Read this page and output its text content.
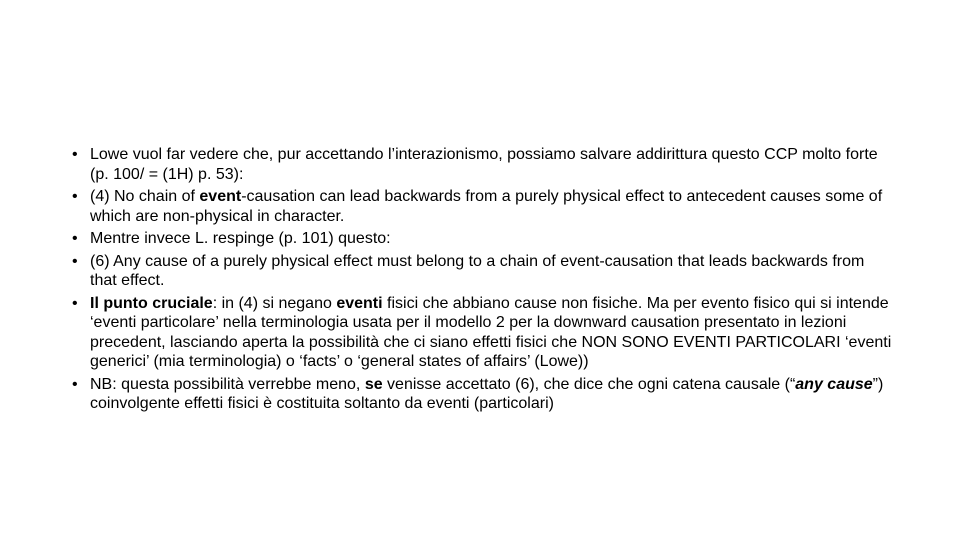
• Lowe vuol far vedere che, pur accettando l’interazionismo, possiamo salvare addirittura questo CCP molto forte (p. 100/ = (1H) p. 53):
• (4) No chain of event-causation can lead backwards from a purely physical effect to antecedent causes some of which are non-physical in character.
• Mentre invece L. respinge (p. 101) questo:
• (6) Any cause of a purely physical effect must belong to a chain of event-causation that leads backwards from that effect.
• Il punto cruciale: in (4) si negano eventi fisici che abbiano cause non fisiche. Ma per evento fisico qui si intende ‘eventi particolare’ nella terminologia usata per il modello 2 per la downward causation presentato in lezioni precedent, lasciando aperta la possibilità che ci siano effetti fisici che NON SONO EVENTI PARTICOLARI ‘eventi generici’ (mia terminologia) o ‘facts’ o ‘general states of affairs’ (Lowe))
• NB: questa possibilità verrebbe meno, se venisse accettato (6), che dice che ogni catena causale (“any cause”) coinvolgente effetti fisici è costituita soltanto da eventi (particolari)
